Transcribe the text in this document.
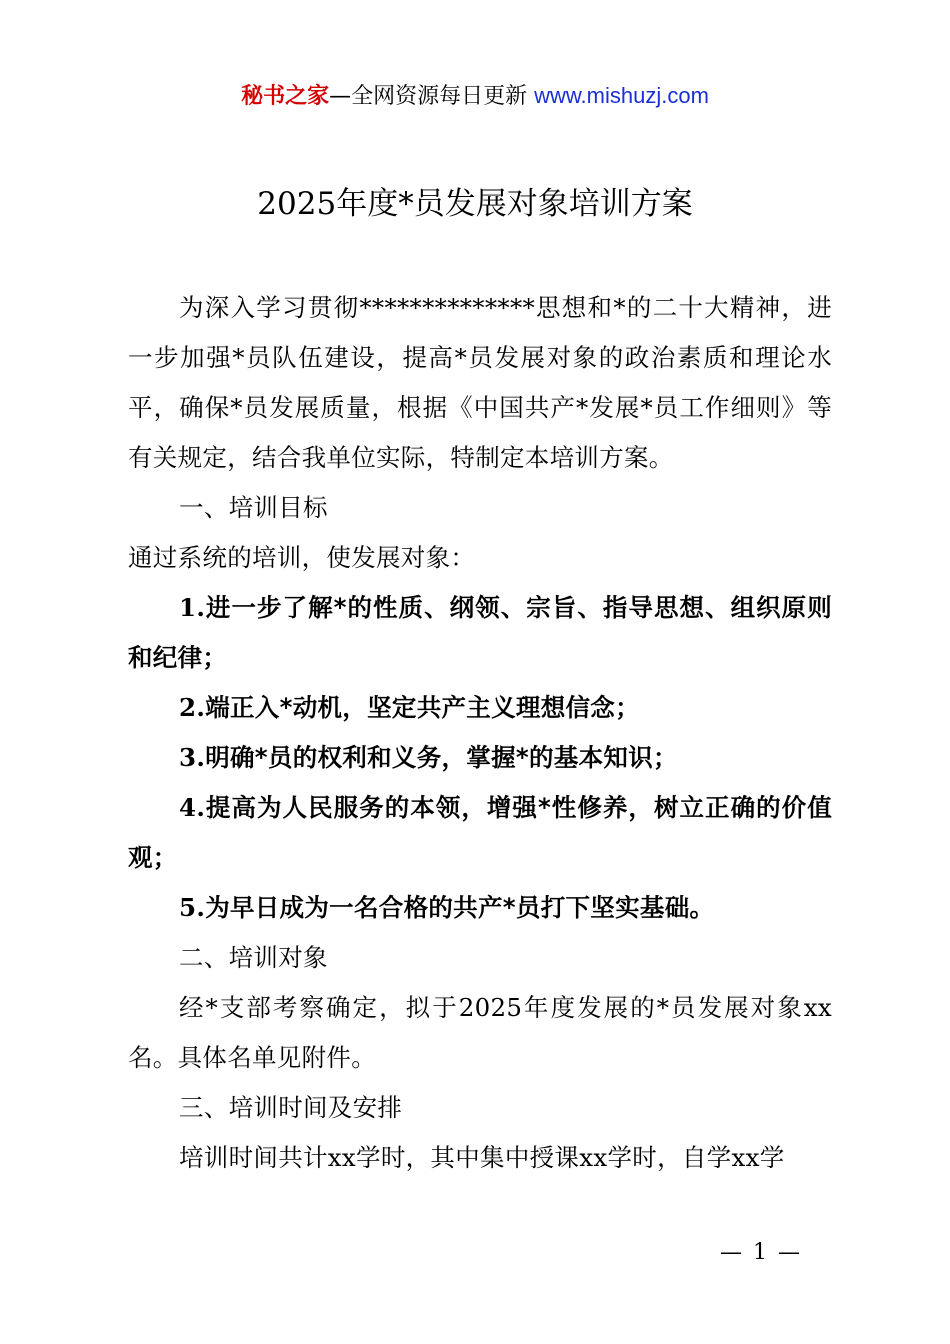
秘书之家—全网资源每日更新 www.mishuzj.com
2025年度*员发展对象培训方案

为深入学习贯彻**************思想和*的二十大精神，进一步加强*员队伍建设，提高*员发展对象的政治素质和理论水平，确保*员发展质量，根据《中国共产*发展*员工作细则》等有关规定，结合我单位实际，特制定本培训方案。

一、培训目标

通过系统的培训，使发展对象：

1.进一步了解*的性质、纲领、宗旨、指导思想、组织原则和纪律；

2.端正入*动机，坚定共产主义理想信念；

3.明确*员的权利和义务，掌握*的基本知识；

4.提高为人民服务的本领，增强*性修养，树立正确的价值观；

5.为早日成为一名合格的共产*员打下坚实基础。

二、培训对象

经*支部考察确定，拟于2025年度发展的*员发展对象xx名。具体名单见附件。

三、培训时间及安排

培训时间共计xx学时，其中集中授课xx学时，自学xx学

— 1 —
